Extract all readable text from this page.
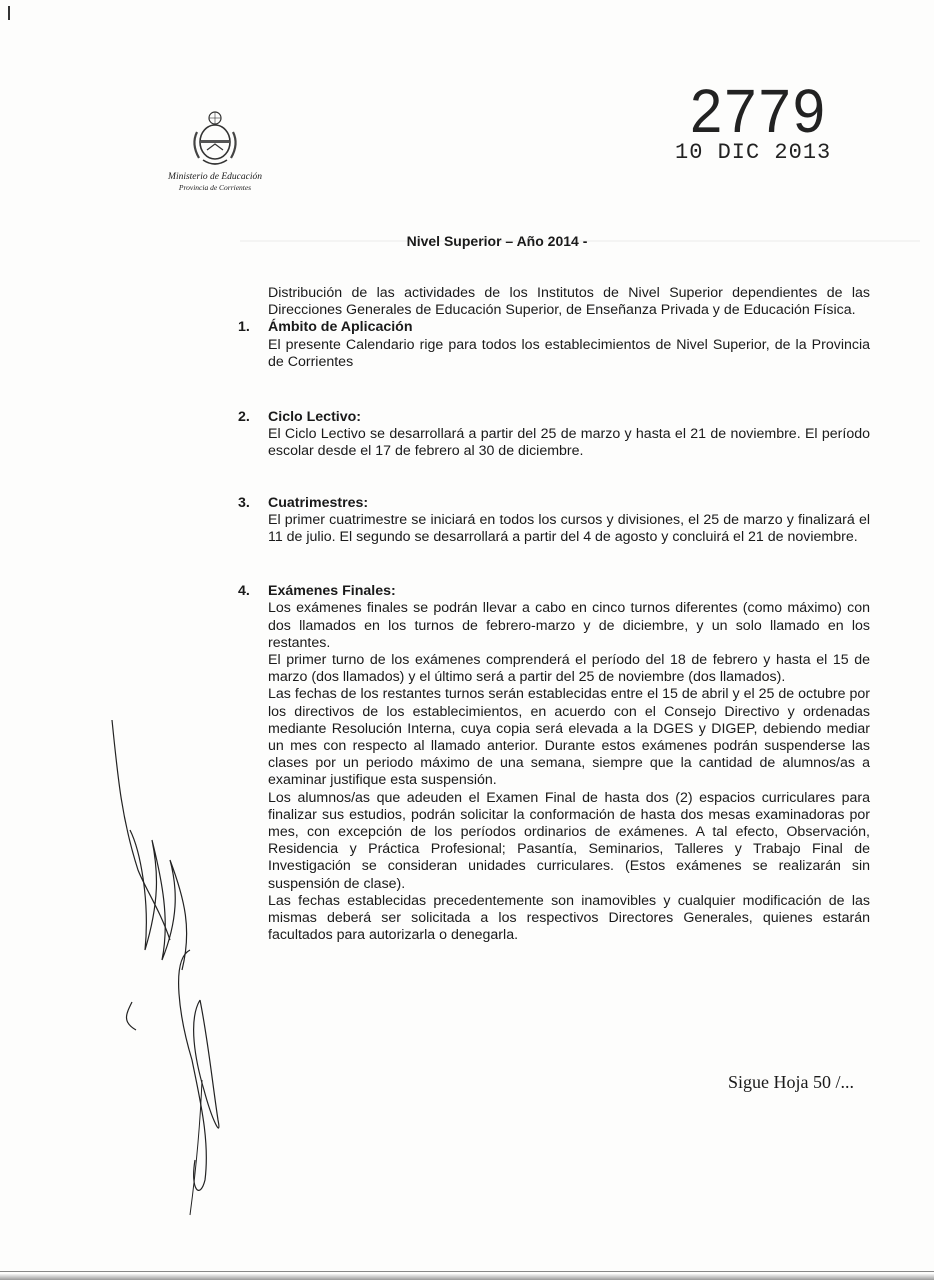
Ministerio de Educación
Provincia de Corrientes
2779
10 DIC 2013
Nivel Superior – Año 2014 -

Distribución de las actividades de los Institutos de Nivel Superior dependientes de las Direcciones Generales de Educación Superior, de Enseñanza Privada y de Educación Física.

1. Ámbito de Aplicación

El presente Calendario rige para todos los establecimientos de Nivel Superior, de la Provincia de Corrientes

2. Ciclo Lectivo:

El Ciclo Lectivo se desarrollará a partir del 25 de marzo y hasta el 21 de noviembre. El período escolar desde el 17 de febrero al 30 de diciembre.

3. Cuatrimestres:

El primer cuatrimestre se iniciará en todos los cursos y divisiones, el 25 de marzo y finalizará el 11 de julio. El segundo se desarrollará a partir del 4 de agosto y concluirá el 21 de noviembre.

4. Exámenes Finales:

Los exámenes finales se podrán llevar a cabo en cinco turnos diferentes (como máximo) con dos llamados en los turnos de febrero-marzo y de diciembre, y un solo llamado en los restantes.

El primer turno de los exámenes comprenderá el período del 18 de febrero y hasta el 15 de marzo (dos llamados) y el último será a partir del 25 de noviembre (dos llamados).

Las fechas de los restantes turnos serán establecidas entre el 15 de abril y el 25 de octubre por los directivos de los establecimientos, en acuerdo con el Consejo Directivo y ordenadas mediante Resolución Interna, cuya copia será elevada a la DGES y DIGEP, debiendo mediar un mes con respecto al llamado anterior. Durante estos exámenes podrán suspenderse las clases por un periodo máximo de una semana, siempre que la cantidad de alumnos/as a examinar justifique esta suspensión.

Los alumnos/as que adeuden el Examen Final de hasta dos (2) espacios curriculares para finalizar sus estudios, podrán solicitar la conformación de hasta dos mesas examinadoras por mes, con excepción de los períodos ordinarios de exámenes. A tal efecto, Observación, Residencia y Práctica Profesional; Pasantía, Seminarios, Talleres y Trabajo Final de Investigación se consideran unidades curriculares. (Estos exámenes se realizarán sin suspensión de clase).

Las fechas establecidas precedentemente son inamovibles y cualquier modificación de las mismas deberá ser solicitada a los respectivos Directores Generales, quienes estarán facultados para autorizarla o denegarla.

Sigue Hoja 50 /...
